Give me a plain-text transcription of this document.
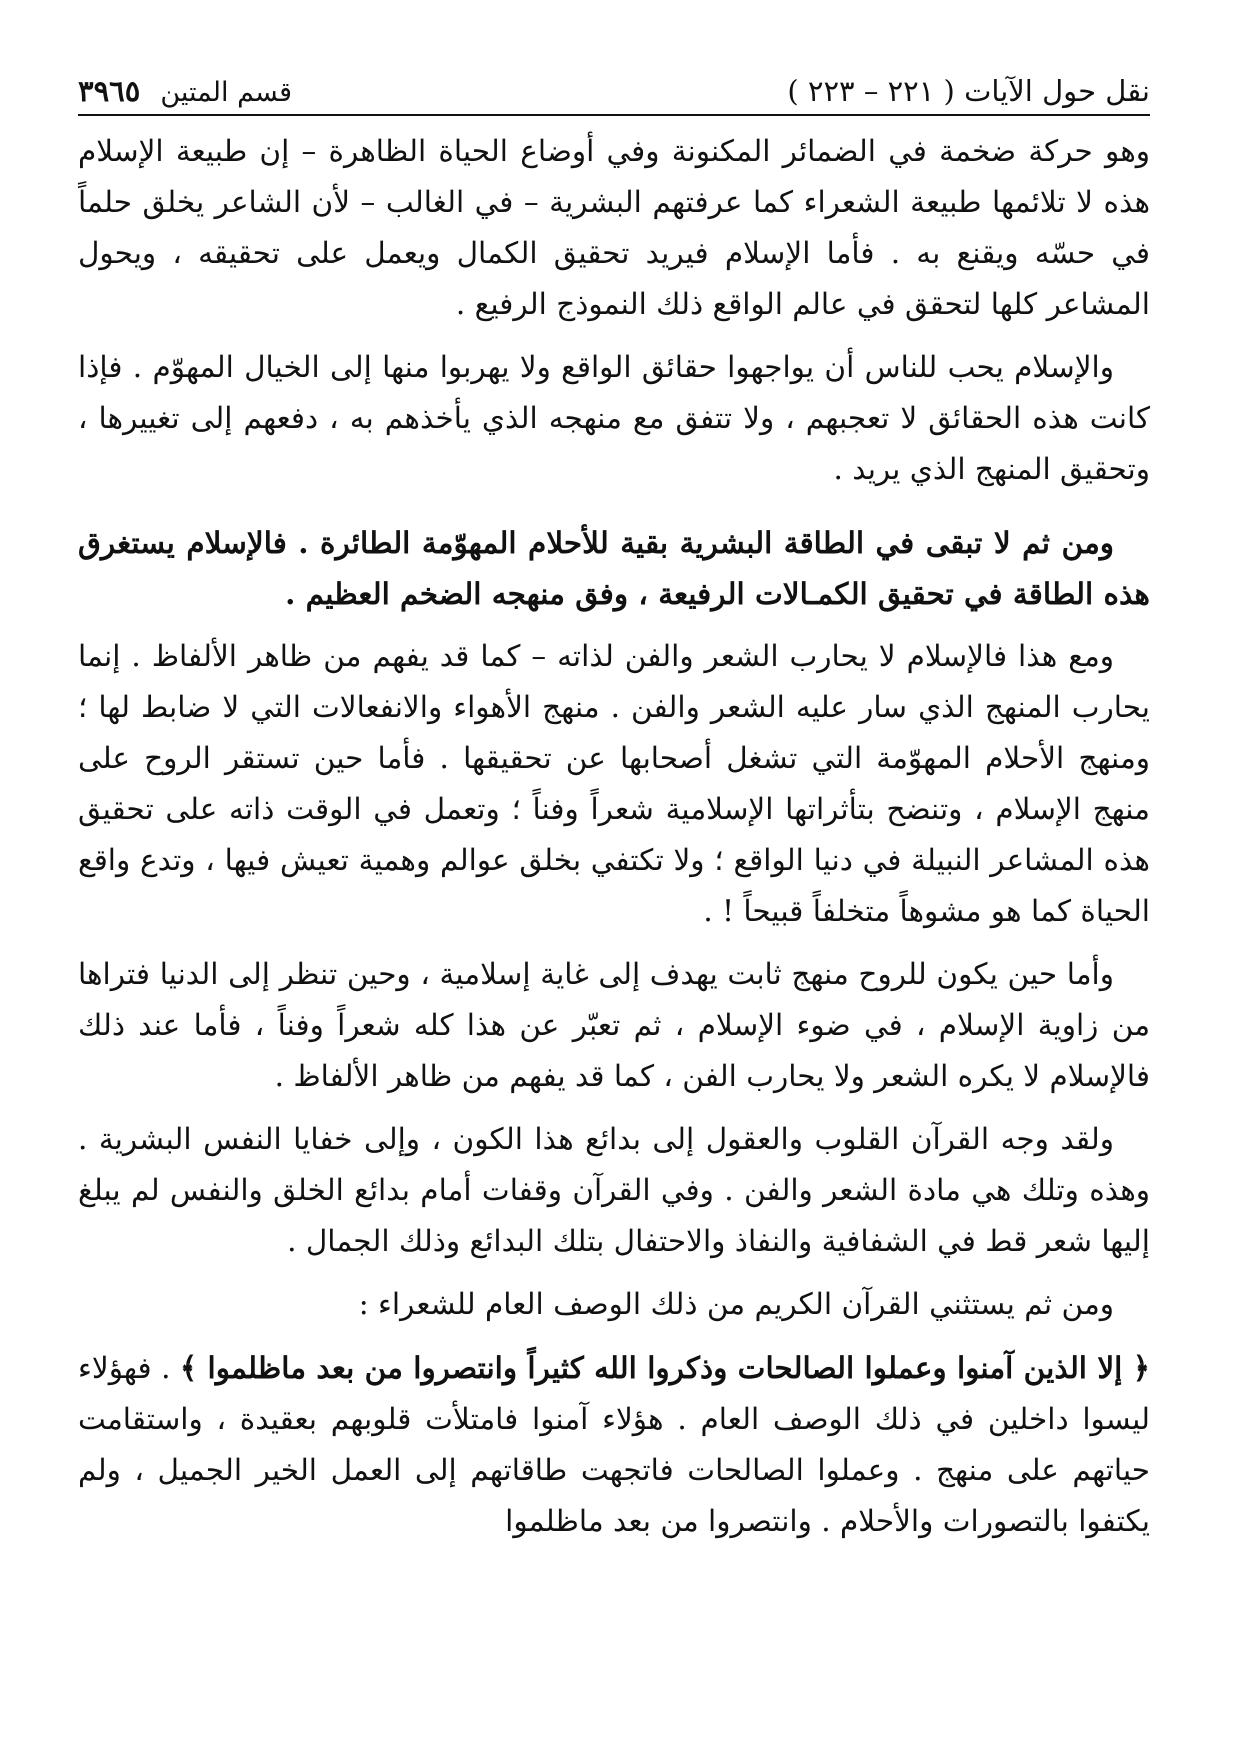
نقل حول الآيات ( ٢٢١ – ٢٢٣ )
قسم المتين
٣٩٦٥

وهو حركة ضخمة في الضمائر المكنونة وفي أوضاع الحياة الظاهرة – إن طبيعة الإسلام هذه لا تلائمها طبيعة الشعراء كما عرفتهم البشرية – في الغالب – لأن الشاعر يخلق حلماً في حسّه ويقنع به . فأما الإسلام فيريد تحقيق الكمال ويعمل على تحقيقه ، ويحول المشاعر كلها لتحقق في عالم الواقع ذلك النموذج الرفيع .

والإسلام يحب للناس أن يواجهوا حقائق الواقع ولا يهربوا منها إلى الخيال المهوّم . فإذا كانت هذه الحقائق لا تعجبهم ، ولا تتفق مع منهجه الذي يأخذهم به ، دفعهم إلى تغييرها ، وتحقيق المنهج الذي يريد .

ومن ثم لا تبقى في الطاقة البشرية بقية للأحلام المهوّمة الطائرة . فالإسلام يستغرق هذه الطاقة في تحقيق الكمـالات الرفيعة ، وفق منهجه الضخم العظيم .

ومع هذا فالإسلام لا يحارب الشعر والفن لذاته – كما قد يفهم من ظاهر الألفاظ . إنما يحارب المنهج الذي سار عليه الشعر والفن . منهج الأهواء والانفعالات التي لا ضابط لها ؛ ومنهج الأحلام المهوّمة التي تشغل أصحابها عن تحقيقها . فأما حين تستقر الروح على منهج الإسلام ، وتنضح بتأثراتها الإسلامية شعراً وفناً ؛ وتعمل في الوقت ذاته على تحقيق هذه المشاعر النبيلة في دنيا الواقع ؛ ولا تكتفي بخلق عوالم وهمية تعيش فيها ، وتدع واقع الحياة كما هو مشوهاً متخلفاً قبيحاً ! .

وأما حين يكون للروح منهج ثابت يهدف إلى غاية إسلامية ، وحين تنظر إلى الدنيا فتراها من زاوية الإسلام ، في ضوء الإسلام ، ثم تعبّر عن هذا كله شعراً وفناً ، فأما عند ذلك فالإسلام لا يكره الشعر ولا يحارب الفن ، كما قد يفهم من ظاهر الألفاظ .

ولقد وجه القرآن القلوب والعقول إلى بدائع هذا الكون ، وإلى خفايا النفس البشرية . وهذه وتلك هي مادة الشعر والفن . وفي القرآن وقفات أمام بدائع الخلق والنفس لم يبلغ إليها شعر قط في الشفافية والنفاذ والاحتفال بتلك البدائع وذلك الجمال .

ومن ثم يستثني القرآن الكريم من ذلك الوصف العام للشعراء :

﴿ إلا الذين آمنوا وعملوا الصالحات وذكروا الله كثيراً وانتصروا من بعد ماظلموا ﴾ . فهؤلاء ليسوا داخلين في ذلك الوصف العام . هؤلاء آمنوا فامتلأت قلوبهم بعقيدة ، واستقامت حياتهم على منهج . وعملوا الصالحات فاتجهت طاقاتهم إلى العمل الخير الجميل ، ولم يكتفوا بالتصورات والأحلام . وانتصروا من بعد ماظلموا
